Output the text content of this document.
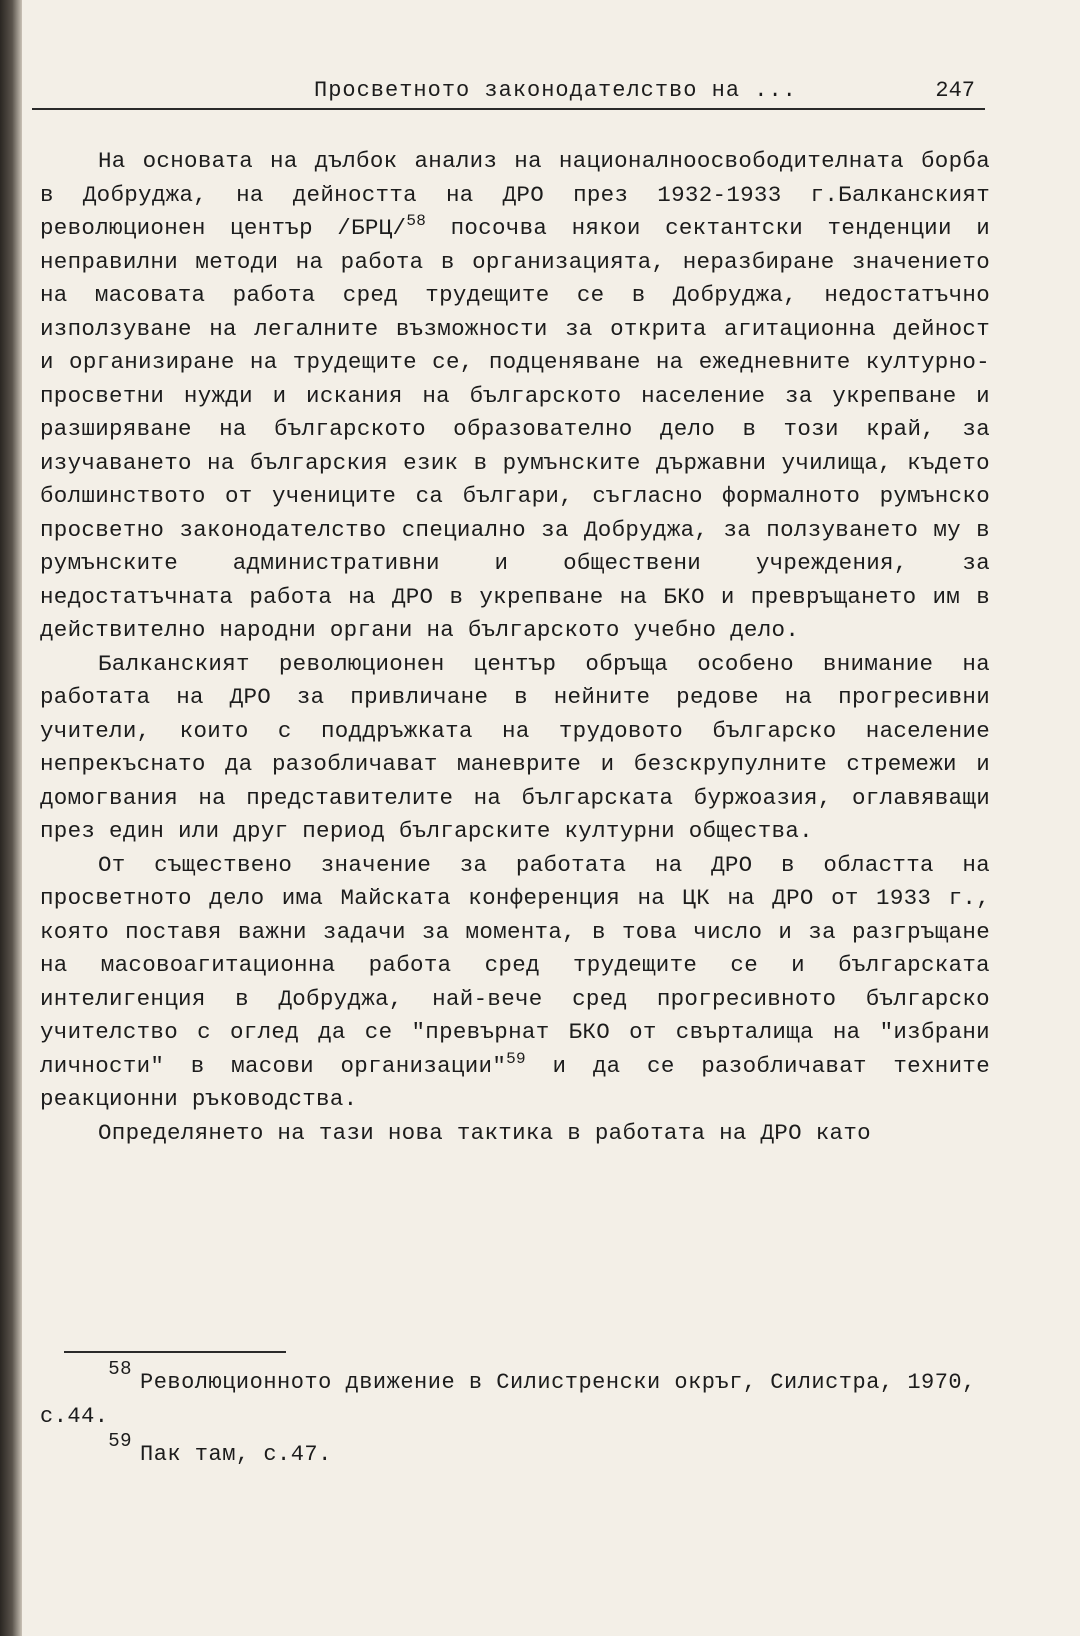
Просветното законодателство на ...	247

На основата на дълбок анализ на националноосвободителната борба в Добруджа, на дейността на ДРО през 1932-1933 г.Балканският революционен център /БРЦ/$^{58}$ посочва някои сектантски тенденции и неправилни методи на работа в организацията, неразбиране значението на масовата работа сред трудещите се в Добруджа, недостатъчно използуване на легалните възможности за открита агитационна дейност и организиране на трудещите се, подценяване на ежедневните културно-просветни нужди и искания на българското население за укрепване и разширяване на българското образователно дело в този край, за изучаването на българския език в румънските държавни училища, където болшинството от учениците са българи, съгласно формалното румънско просветно законодателство специално за Добруджа, за ползуването му в румънските административни и обществени учреждения, за недостатъчната работа на ДРО в укрепване на БКО и превръщането им в действително народни органи на българското учебно дело.

Балканският революционен център обръща особено внимание на работата на ДРО за привличане в нейните редове на прогресивни учители, които с поддръжката на трудовото българско население непрекъснато да разобличават маневрите и безскрупулните стремежи и домогвания на представителите на българската буржоазия, оглавяващи през един или друг период българските културни общества.

От съществено значение за работата на ДРО в областта на просветното дело има Майската конференция на ЦК на ДРО от 1933 г., която поставя важни задачи за момента, в това число и за разгръщане на масовоагитационна работа сред трудещите се и българската интелигенция в Добруджа, най-вече сред прогресивното българско учителство с оглед да се "превърнат БКО от свърталища на "избрани личности" в масови организации"$^{59}$ и да се разобличават техните реакционни ръководства.

Определянето на тази нова тактика в работата на ДРО като

58Революционното движение в Силистренски окръг, Силистра, 1970, с.44.
59Пак там, с.47.
